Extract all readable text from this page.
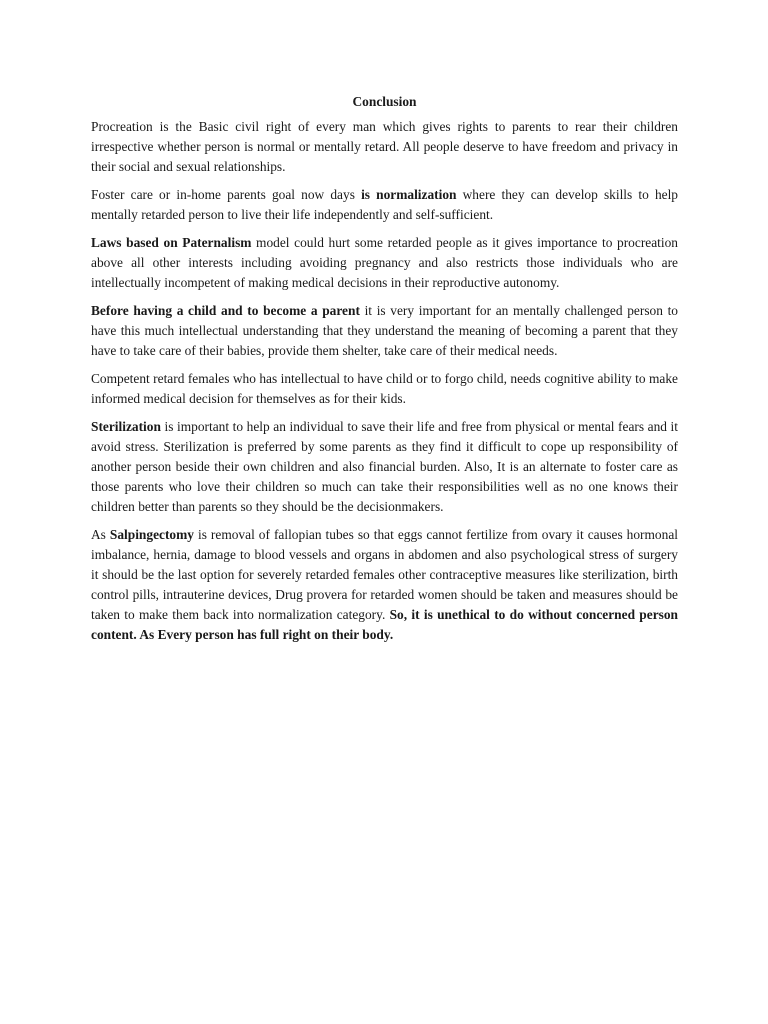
Conclusion

Procreation is the Basic civil right of every man which gives rights to parents to rear their children irrespective whether person is normal or mentally retard. All people deserve to have freedom and privacy in their social and sexual relationships.

Foster care or in-home parents goal now days is normalization where they can develop skills to help mentally retarded person to live their life independently and self-sufficient.

Laws based on Paternalism model could hurt some retarded people as it gives importance to procreation above all other interests including avoiding pregnancy and also restricts those individuals who are intellectually incompetent of making medical decisions in their reproductive autonomy.

Before having a child and to become a parent it is very important for an mentally challenged person to have this much intellectual understanding that they understand the meaning of becoming a parent that they have to take care of their babies, provide them shelter, take care of their medical needs.

Competent retard females who has intellectual to have child or to forgo child, needs cognitive ability to make informed medical decision for themselves as for their kids.

Sterilization is important to help an individual to save their life and free from physical or mental fears and it avoid stress. Sterilization is preferred by some parents as they find it difficult to cope up responsibility of another person beside their own children and also financial burden. Also, It is an alternate to foster care as those parents who love their children so much can take their responsibilities well as no one knows their children better than parents so they should be the decisionmakers.

As Salpingectomy is removal of fallopian tubes so that eggs cannot fertilize from ovary it causes hormonal imbalance, hernia, damage to blood vessels and organs in abdomen and also psychological stress of surgery it should be the last option for severely retarded females other contraceptive measures like sterilization, birth control pills, intrauterine devices, Drug provera for retarded women should be taken and measures should be taken to make them back into normalization category. So, it is unethical to do without concerned person content. As Every person has full right on their body.
